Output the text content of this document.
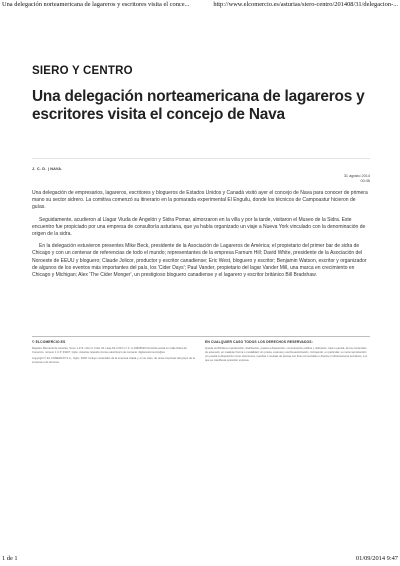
Una delegación norteamericana de lagareros y escritores visita el conce...	http://www.elcomercio.es/asturias/siero-centro/201408/31/delegacion-...
SIERO Y CENTRO
Una delegación norteamericana de lagareros y escritores visita el concejo de Nava
J. C. D. | NAVA.
31 agosto 2014
00:46

Una delegación de empresarios, lagareros, escritores y blogueros de Estados Unidos y Canadá visitó ayer el concejo de Nava para conocer de primera mano su sector sidrero. La comitiva comenzó su itinerario en la pomarada experimental El Enguilu, donde los técnicos de Campoastur hicieron de guías.

Seguidamente, acudieron al Llagar Viuda de Angelón y Sidra Pomar, almorzaron en la villa y por la tarde, visitaron el Museo de la Sidra. Este encuentro fue propiciado por una empresa de consultoría asturiana, que ya había organizado un viaje a Nueva York vinculado con la denominación de origen de la sidra.

En la delegación estuvieron presentes Mike Beck, presidente de la Asociación de Lagareros de América; el propietario del primer bar de sidra de Chicago y con un centenar de referencias de todo el mundo; representantes de la empresa Farnum Hill; David White, presidente de la Asociación del Noroeste de EEUU y bloguero; Claude Jolicor, productor y escritor canadiense; Eric West, bloguero y escritor; Benjamin Watson, escritor y organizador de algunos de los eventos más importantes del país, los 'Cider Days'; Paul Vander, propietario del lagar Vander Mill, una marca en crecimiento en Chicago y Michigan; Alex 'The Cider Monger', un prestigioso bloguero canadiense y el lagarero y escritor británico Bill Bradshaw.

© ELCOMERCIO.ES

Registro Mercantil de Asturias, Tomo 1.272, Libro 0, Folio 43, Hoja AS-4.913 C.I.F.: A-33606520 Domicilio social en Calle Diario El Comercio, número 1 C.P. 33207, Gijón, Asturias. España Correo electrónico de contacto: digital.elcomercio@es

Copyright © EL COMERCIO S.A., Gijón, 2008. Incluye contenidos de la empresa citada y, en su caso, de otras empresas del grupo de la empresa o de terceros.

EN CUALQUIER CASO TODOS LOS DERECHOS RESERVADOS:

Queda prohibida la reproducción, distribución, puesta a disposición, comunicación pública y utilización, total o parcial, de los contenidos de esta web, en cualquier forma o modalidad, sin previa, expresa y escrita autorización, incluyendo, en particular, su mera reproducción y/o puesta a disposición como resúmenes, reseñas o revistas de prensa con fines comerciales o directa o indirectamente lucrativos, a lo que se manifiesta oposición expresa.

1 de 1	01/09/2014 9:47
